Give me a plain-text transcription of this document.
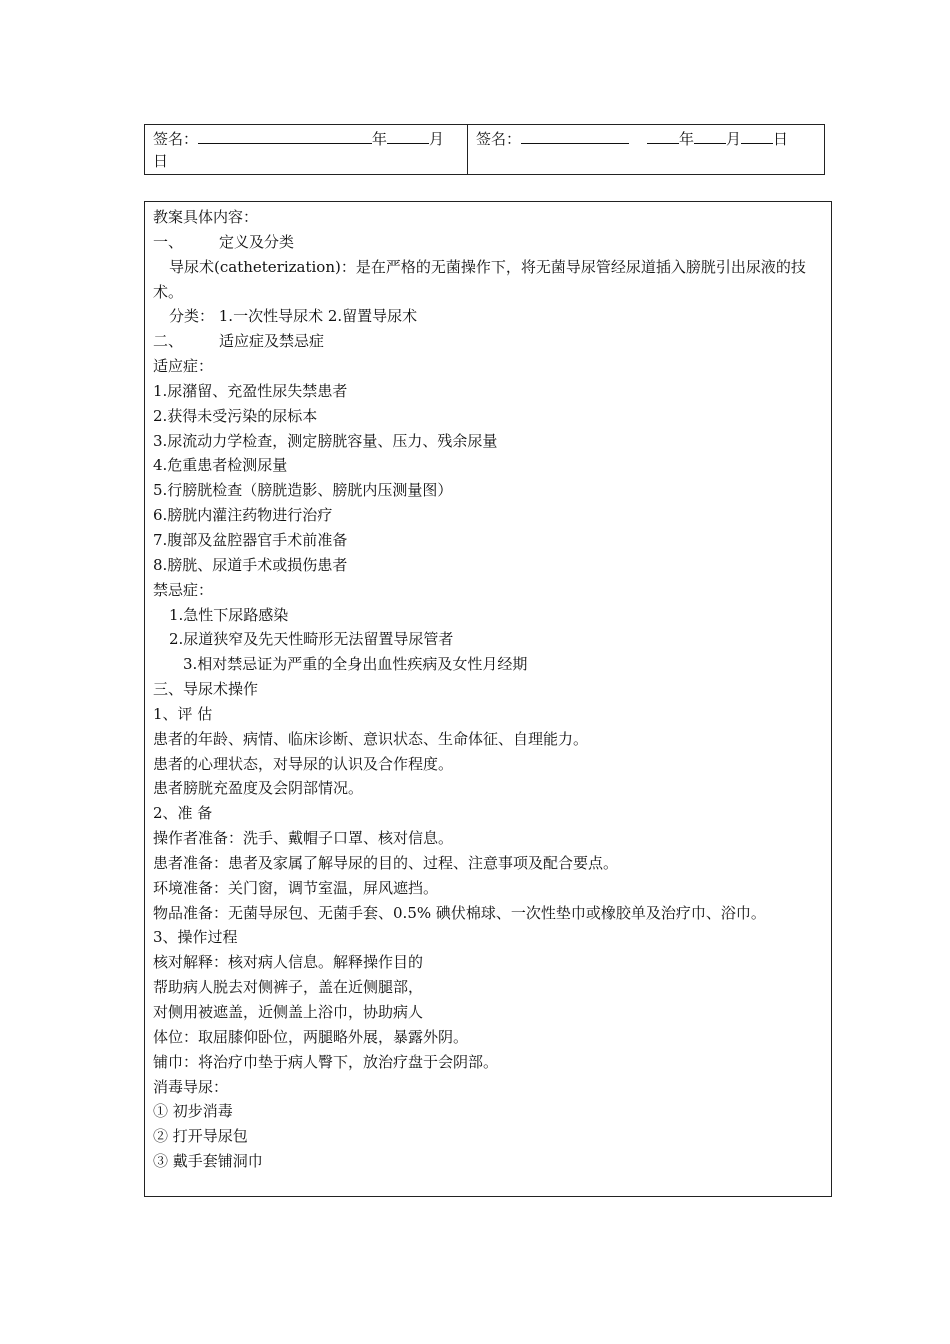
签名：	年	月
日
签名：	年 月 日
教案具体内容：
一、 定义及分类
导尿术(catheterization)：是在严格的无菌操作下，将无菌导尿管经尿道插入膀胱引出尿液的技术。
分类： 1.一次性导尿术 2.留置导尿术
二、 适应症及禁忌症
适应症：
1.尿潴留、充盈性尿失禁患者
2.获得未受污染的尿标本
3.尿流动力学检查，测定膀胱容量、压力、残余尿量
4.危重患者检测尿量
5.行膀胱检查（膀胱造影、膀胱内压测量图）
6.膀胱内灌注药物进行治疗
7.腹部及盆腔器官手术前准备
8.膀胱、尿道手术或损伤患者
禁忌症：
1.急性下尿路感染
2.尿道狭窄及先天性畸形无法留置导尿管者
3.相对禁忌证为严重的全身出血性疾病及女性月经期
三、导尿术操作
1、评 估
患者的年龄、病情、临床诊断、意识状态、生命体征、自理能力。
患者的心理状态，对导尿的认识及合作程度。
患者膀胱充盈度及会阴部情况。
2、准 备
操作者准备：洗手、戴帽子口罩、核对信息。
患者准备：患者及家属了解导尿的目的、过程、注意事项及配合要点。
环境准备：关门窗，调节室温，屏风遮挡。
物品准备：无菌导尿包、无菌手套、0.5% 碘伏棉球、一次性垫巾或橡胶单及治疗巾、浴巾。
3、操作过程
核对解释：核对病人信息。解释操作目的
帮助病人脱去对侧裤子，盖在近侧腿部，
对侧用被遮盖，近侧盖上浴巾，协助病人
体位：取屈膝仰卧位，两腿略外展，暴露外阴。
铺巾：将治疗巾垫于病人臀下，放治疗盘于会阴部。
消毒导尿：
① 初步消毒
② 打开导尿包
③ 戴手套铺洞巾
